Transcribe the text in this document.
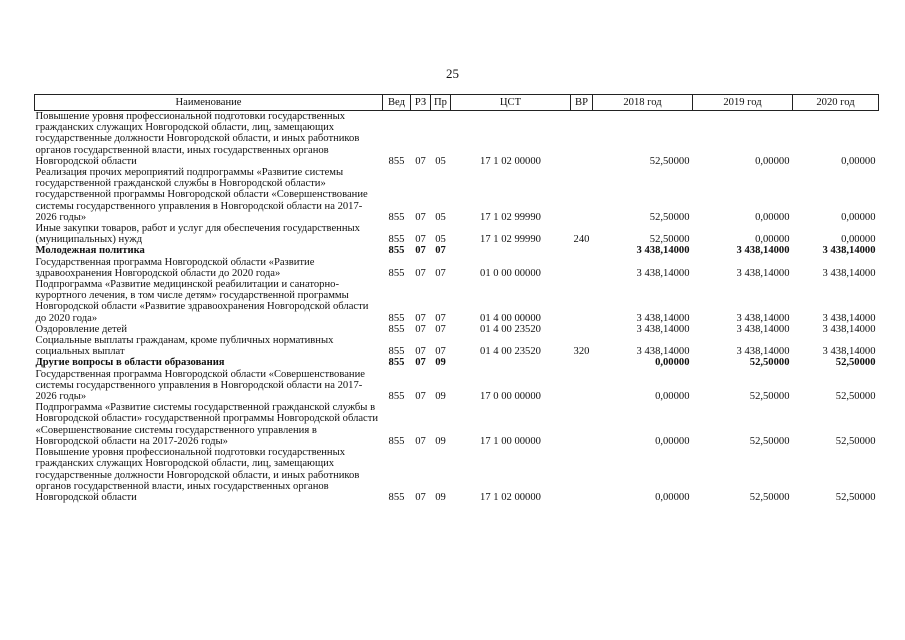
25
Наименование	Вед	РЗ	Пр	ЦСТ	ВР	2018 год	2019 год	2020 год
Повышение уровня профессиональной подготовки государственных гражданских служащих Новгородской области, лиц, замещающих государственные должности Новгородской области, и иных работников органов государственной власти, иных государственных органов Новгородской области	855	07	05	17 1 02 00000		52,50000	0,00000	0,00000
Реализация прочих мероприятий подпрограммы «Развитие системы государственной гражданской службы в Новгородской области» государственной программы Новгородской области «Совершенствование системы государственного управления в Новгородской области на 2017-2026 годы»	855	07	05	17 1 02 99990		52,50000	0,00000	0,00000
Иные закупки товаров, работ и услуг для обеспечения государственных (муниципальных) нужд	855	07	05	17 1 02 99990	240	52,50000	0,00000	0,00000
Молодежная политика	855	07	07			3 438,14000	3 438,14000	3 438,14000
Государственная программа Новгородской области «Развитие здравоохранения Новгородской области до 2020 года»	855	07	07	01 0 00 00000		3 438,14000	3 438,14000	3 438,14000
Подпрограмма «Развитие медицинской реабилитации и санаторно-курортного лечения, в том числе детям» государственной программы Новгородской области «Развитие здравоохранения Новгородской области до 2020 года»	855	07	07	01 4 00 00000		3 438,14000	3 438,14000	3 438,14000
Оздоровление детей	855	07	07	01 4 00 23520		3 438,14000	3 438,14000	3 438,14000
Социальные выплаты гражданам, кроме публичных нормативных социальных выплат	855	07	07	01 4 00 23520	320	3 438,14000	3 438,14000	3 438,14000
Другие вопросы в области образования	855	07	09			0,00000	52,50000	52,50000
Государственная программа Новгородской области «Совершенствование системы государственного управления в Новгородской области на 2017-2026 годы»	855	07	09	17 0 00 00000		0,00000	52,50000	52,50000
Подпрограмма «Развитие системы государственной гражданской службы в Новгородской области» государственной программы Новгородской области «Совершенствование системы государственного управления в Новгородской области на 2017-2026 годы»	855	07	09	17 1 00 00000		0,00000	52,50000	52,50000
Повышение уровня профессиональной подготовки государственных гражданских служащих Новгородской области, лиц, замещающих государственные должности Новгородской области, и иных работников органов государственной власти, иных государственных органов Новгородской области	855	07	09	17 1 02 00000		0,00000	52,50000	52,50000
